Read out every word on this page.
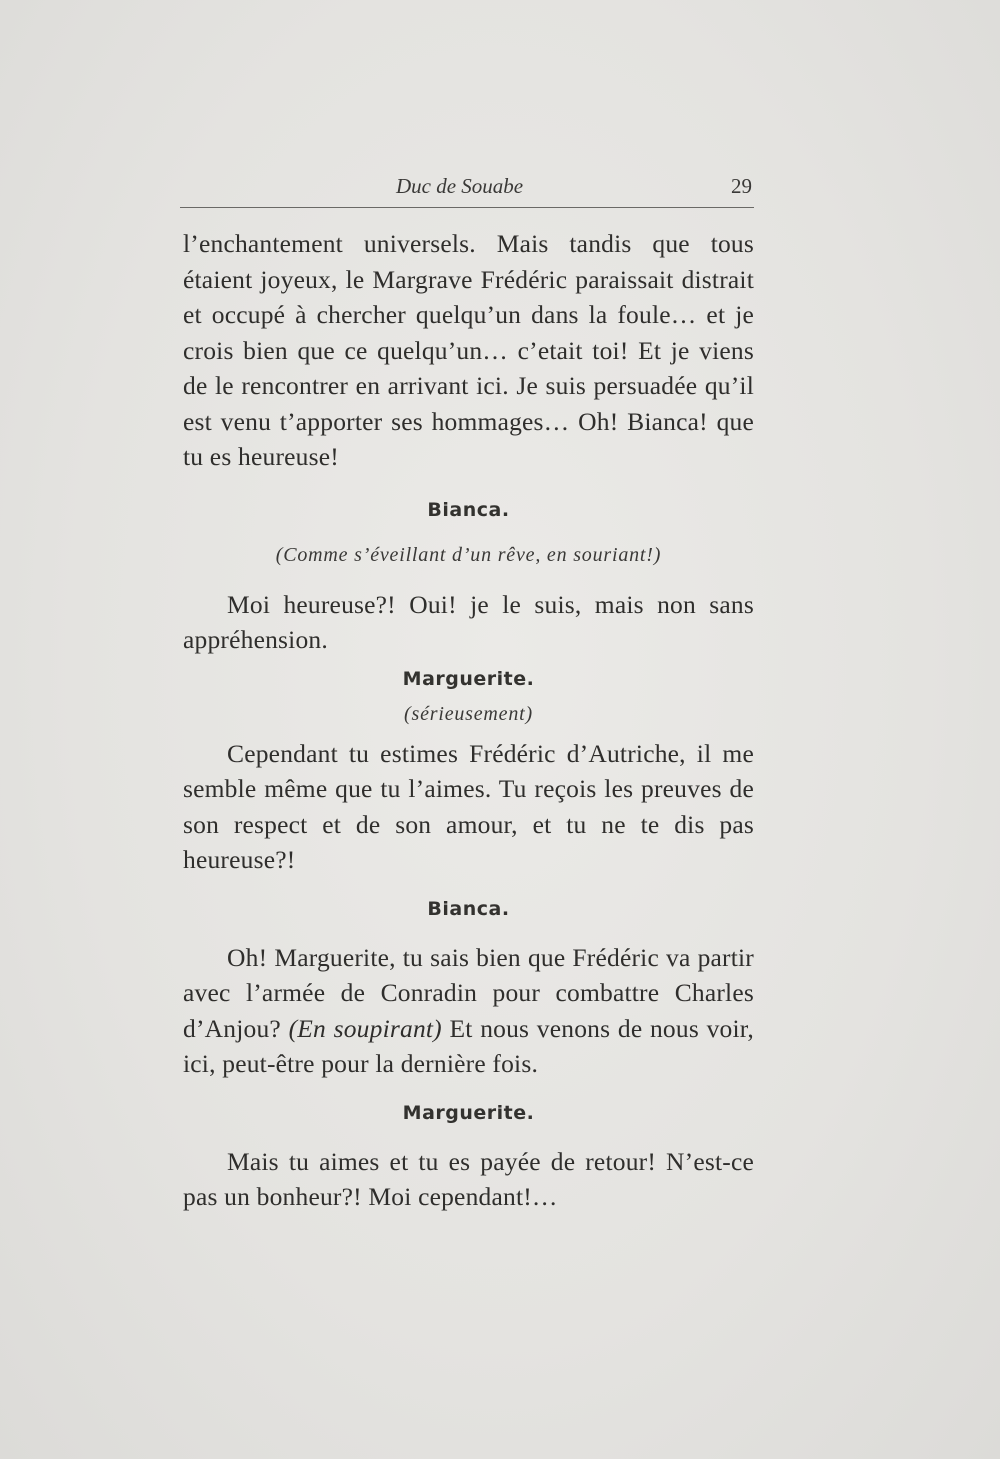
Duc de Souabe	29

l’enchantement universels. Mais tandis que tous étaient joyeux, le Margrave Frédéric paraissait distrait et occupé à chercher quelqu’un dans la foule… et je crois bien que ce quelqu’un… c’etait toi! Et je viens de le rencontrer en arrivant ici. Je suis persuadée qu’il est venu t’apporter ses hommages… Oh! Bianca! que tu es heureuse!

Bianca.

(Comme s’éveillant d’un rêve, en souriant!)

Moi heureuse?! Oui! je le suis, mais non sans appréhension.

Marguerite.

(sérieusement)

Cependant tu estimes Frédéric d’Autriche, il me semble même que tu l’aimes. Tu reçois les preuves de son respect et de son amour, et tu ne te dis pas heureuse?!

Bianca.

Oh! Marguerite, tu sais bien que Frédéric va partir avec l’armée de Conradin pour combattre Charles d’Anjou? (En soupirant) Et nous venons de nous voir, ici, peut-être pour la dernière fois.

Marguerite.

Mais tu aimes et tu es payée de retour! N’est-ce pas un bonheur?! Moi cependant!…
